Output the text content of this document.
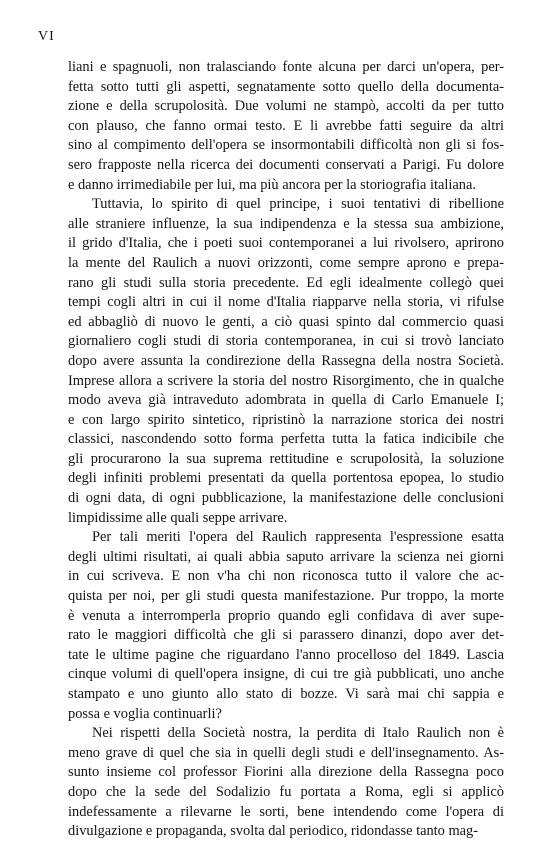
VI
liani e spagnuoli, non tralasciando fonte alcuna per darci un'opera, per-
fetta sotto tutti gli aspetti, segnatamente sotto quello della documenta-
zione e della scrupolosità. Due volumi ne stampò, accolti da per tutto
con plauso, che fanno ormai testo. E li avrebbe fatti seguire da altri
sino al compimento dell'opera se insormontabili difficoltà non gli si fos-
sero frapposte nella ricerca dei documenti conservati a Parigi. Fu dolore
e danno irrimediabile per lui, ma più ancora per la storiografia italiana.
Tuttavia, lo spirito di quel principe, i suoi tentativi di ribellione
alle straniere influenze, la sua indipendenza e la stessa sua ambizione,
il grido d'Italia, che i poeti suoi contemporanei a lui rivolsero, aprirono
la mente del Raulich a nuovi orizzonti, come sempre aprono e prepa-
rano gli studi sulla storia precedente. Ed egli idealmente collegò quei
tempi cogli altri in cui il nome d'Italia riapparve nella storia, vi rifulse
ed abbagliò di nuovo le genti, a ciò quasi spinto dal commercio quasi
giornaliero cogli studi di storia contemporanea, in cui si trovò lanciato
dopo avere assunta la condirezione della Rassegna della nostra Società.
Imprese allora a scrivere la storia del nostro Risorgimento, che in qualche
modo aveva già intraveduto adombrata in quella di Carlo Emanuele I;
e con largo spirito sintetico, ripristinò la narrazione storica dei nostri
classici, nascondendo sotto forma perfetta tutta la fatica indicibile che
gli procurarono la sua suprema rettitudine e scrupolosità, la soluzione
degli infiniti problemi presentati da quella portentosa epopea, lo studio
di ogni data, di ogni pubblicazione, la manifestazione delle conclusioni
limpidissime alle quali seppe arrivare.
Per tali meriti l'opera del Raulich rappresenta l'espressione esatta
degli ultimi risultati, ai quali abbia saputo arrivare la scienza nei giorni
in cui scriveva. E non v'ha chi non riconosca tutto il valore che ac-
quista per noi, per gli studi questa manifestazione. Pur troppo, la morte
è venuta a interromperla proprio quando egli confidava di aver supe-
rato le maggiori difficoltà che gli si parassero dinanzi, dopo aver det-
tate le ultime pagine che riguardano l'anno procelloso del 1849. Lascia
cinque volumi di quell'opera insigne, di cui tre già pubblicati, uno anche
stampato e uno giunto allo stato di bozze. Vi sarà mai chi sappia e
possa e voglia continuarli?
Nei rispetti della Società nostra, la perdita di Italo Raulich non è
meno grave di quel che sia in quelli degli studi e dell'insegnamento. As-
sunto insieme col professor Fiorini alla direzione della Rassegna poco
dopo che la sede del Sodalizio fu portata a Roma, egli si applicò
indefessamente a rilevarne le sorti, bene intendendo come l'opera di
divulgazione e propaganda, svolta dal periodico, ridondasse tanto mag-
